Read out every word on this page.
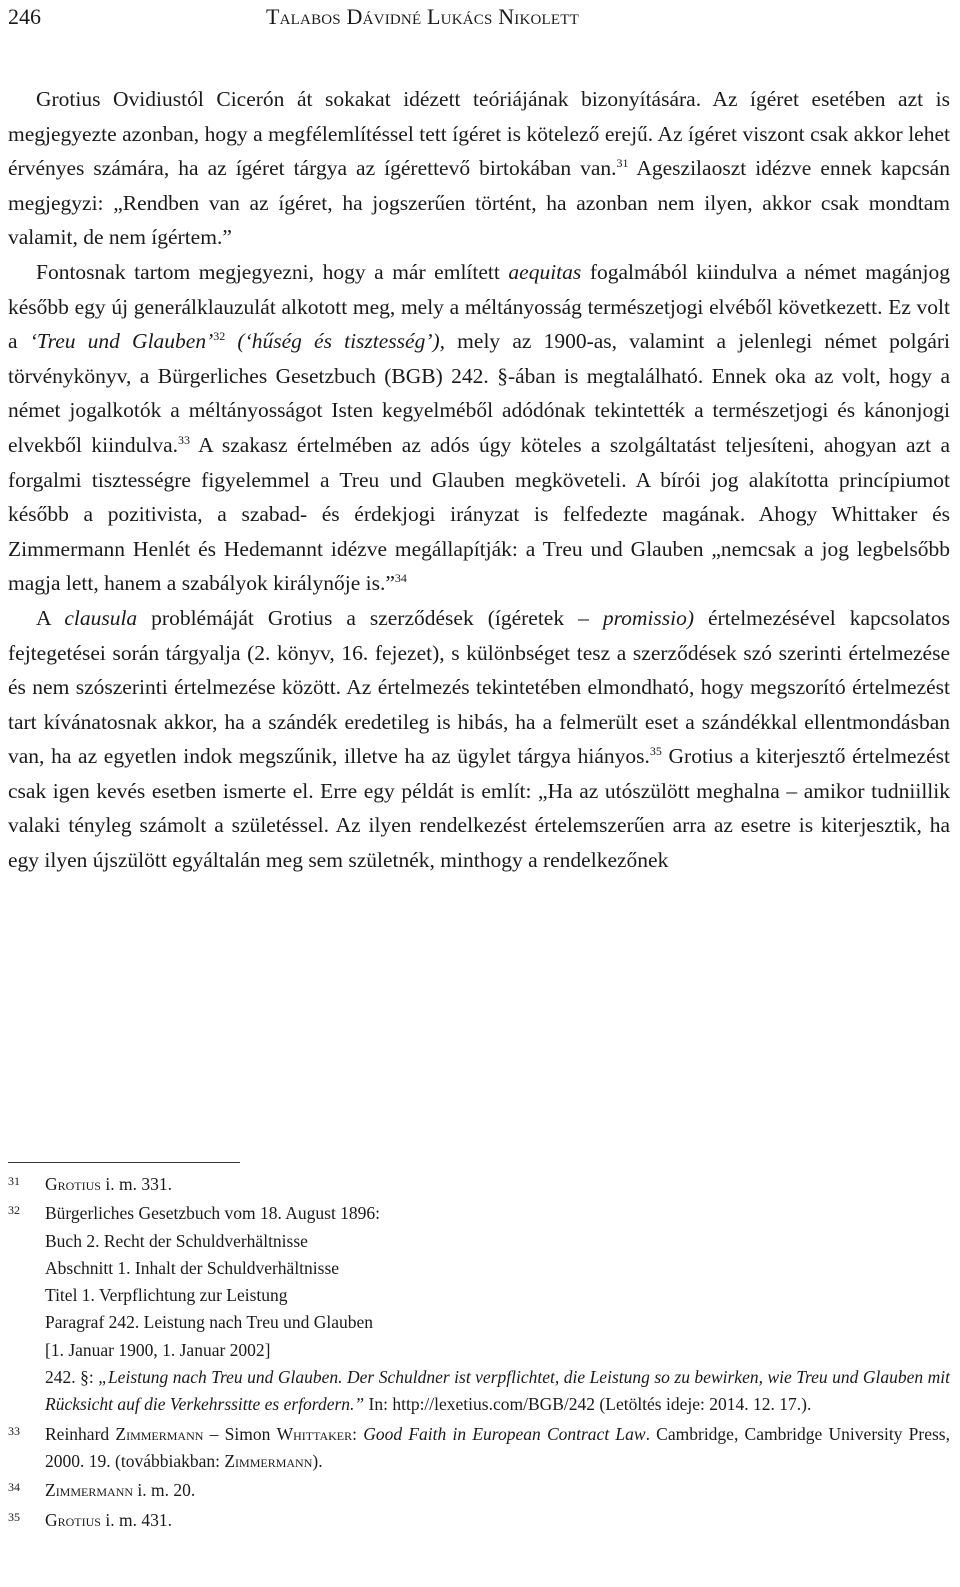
246	Talabos Dávidné Lukács Nikolett

Grotius Ovidiustól Cicerón át sokakat idézett teóriájának bizonyítására. Az ígéret esetében azt is megjegyezte azonban, hogy a megfélemlítéssel tett ígéret is kötelező erejű. Az ígéret viszont csak akkor lehet érvényes számára, ha az ígéret tárgya az ígérettevő birtokában van.$^{31}$ Ageszilaoszt idézve ennek kapcsán megjegyzi: „Rendben van az ígéret, ha jogszerűen történt, ha azonban nem ilyen, akkor csak mondtam valamit, de nem ígértem.”

Fontosnak tartom megjegyezni, hogy a már említett aequitas fogalmából kiindulva a német magánjog később egy új generálklauzulát alkotott meg, mely a méltányosság természetjogi elvéből következett. Ez volt a ‘Treu und Glauben’$^{32}$ (‘hűség és tisztesség’), mely az 1900-as, valamint a jelenlegi német polgári törvénykönyv, a Bürgerliches Gesetzbuch (BGB) 242. §-ában is megtalálható. Ennek oka az volt, hogy a német jogalkotók a méltányosságot Isten kegyelméből adódónak tekintették a természetjogi és kánonjogi elvekből kiindulva.$^{33}$ A szakasz értelmében az adós úgy köteles a szolgáltatást teljesíteni, ahogyan azt a forgalmi tisztességre figyelemmel a Treu und Glauben megköveteli. A bírói jog alakította princípiumot később a pozitivista, a szabad- és érdekjogi irányzat is felfedezte magának. Ahogy Whittaker és Zimmermann Henlét és Hedemannt idézve megállapítják: a Treu und Glauben „nemcsak a jog legbelsőbb magja lett, hanem a szabályok királynője is.”$^{34}$

A clausula problémáját Grotius a szerződések (ígéretek – promissio) értelmezésével kapcsolatos fejtegetései során tárgyalja (2. könyv, 16. fejezet), s különbséget tesz a szerződések szó szerinti értelmezése és nem szószerinti értelmezése között. Az értelmezés tekintetében elmondható, hogy megszorító értelmezést tart kívánatosnak akkor, ha a szándék eredetileg is hibás, ha a felmerült eset a szándékkal ellentmondásban van, ha az egyetlen indok megszűnik, illetve ha az ügylet tárgya hiányos.$^{35}$ Grotius a kiterjesztő értelmezést csak igen kevés esetben ismerte el. Erre egy példát is említ: „Ha az utószülött meghalna – amikor tudniillik valaki tényleg számolt a születéssel. Az ilyen rendelkezést értelemszerűen arra az esetre is kiterjesztik, ha egy ilyen újszülött egyáltalán meg sem születnék, minthogy a rendelkezőnek

31 Grotius i. m. 331.
32 Bürgerliches Gesetzbuch vom 18. August 1896:
Buch 2. Recht der Schuldverhältnisse
Abschnitt 1. Inhalt der Schuldverhältnisse
Titel 1. Verpflichtung zur Leistung
Paragraf 242. Leistung nach Treu und Glauben
[1. Januar 1900, 1. Januar 2002]
242. §: „Leistung nach Treu und Glauben. Der Schuldner ist verpflichtet, die Leistung so zu bewirken, wie Treu und Glauben mit Rücksicht auf die Verkehrssitte es erfordern.” In: http://lexetius.com/BGB/242 (Letöltés ideje: 2014. 12. 17.).
33 Reinhard Zimmermann – Simon Whittaker: Good Faith in European Contract Law. Cambridge, Cambridge University Press, 2000. 19. (továbbiakban: Zimmermann).
34 Zimmermann i. m. 20.
35 Grotius i. m. 431.
